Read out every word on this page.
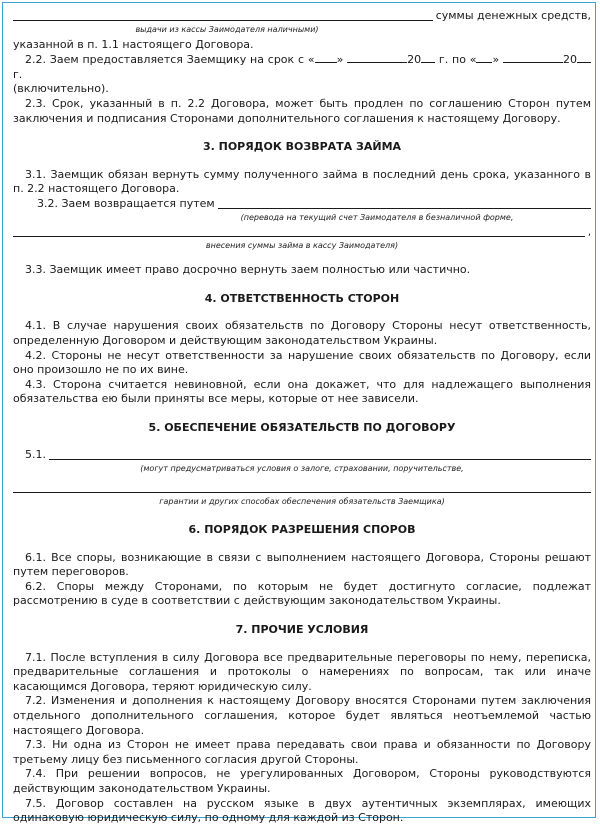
суммы денежных средств,
выдачи из кассы Заимодателя наличными)

указанной в п. 1.1 настоящего Договора.

2.2. Заем предоставляется Заемщику на срок с « »	20 г. по « »	20 г.

(включительно).

2.3. Срок, указанный в п. 2.2 Договора, может быть продлен по соглашению Сторон путем заключения и подписания Сторонами дополнительного соглашения к настоящему Договору.

3. ПОРЯДОК ВОЗВРАТА ЗАЙМА

3.1. Заемщик обязан вернуть сумму полученного займа в последний день срока, указанного в п. 2.2 настоящего Договора.

3.2. Заем возвращается путем
(перевода на текущий счет Заимодателя в безналичной форме,
,
внесения суммы займа в кассу Заимодателя)

3.3. Заемщик имеет право досрочно вернуть заем полностью или частично.

4. ОТВЕТСТВЕННОСТЬ СТОРОН

4.1. В случае нарушения своих обязательств по Договору Стороны несут ответственность, определенную Договором и действующим законодательством Украины.

4.2. Стороны не несут ответственности за нарушение своих обязательств по Договору, если оно произошло не по их вине.

4.3. Сторона считается невиновной, если она докажет, что для надлежащего выполнения обязательства ею были приняты все меры, которые от нее зависели.

5. ОБЕСПЕЧЕНИЕ ОБЯЗАТЕЛЬСТВ ПО ДОГОВОРУ
5.1.
(могут предусматриваться условия о залоге, страховании, поручительстве,
гарантии и других способах обеспечения обязательств Заемщика)
6. ПОРЯДОК РАЗРЕШЕНИЯ СПОРОВ

6.1. Все споры, возникающие в связи с выполнением настоящего Договора, Стороны решают путем переговоров.

6.2. Споры между Сторонами, по которым не будет достигнуто согласие, подлежат рассмотрению в суде в соответствии с действующим законодательством Украины.

7. ПРОЧИЕ УСЛОВИЯ

7.1. После вступления в силу Договора все предварительные переговоры по нему, переписка, предварительные соглашения и протоколы о намерениях по вопросам, так или иначе касающимся Договора, теряют юридическую силу.

7.2. Изменения и дополнения к настоящему Договору вносятся Сторонами путем заключения отдельного дополнительного соглашения, которое будет являться неотъемлемой частью настоящего Договора.

7.3. Ни одна из Сторон не имеет права передавать свои права и обязанности по Договору третьему лицу без письменного согласия другой Стороны.

7.4. При решении вопросов, не урегулированных Договором, Стороны руководствуются действующим законодательством Украины.

7.5. Договор составлен на русском языке в двух аутентичных экземплярах, имеющих одинаковую юридическую силу, по одному для каждой из Сторон.
